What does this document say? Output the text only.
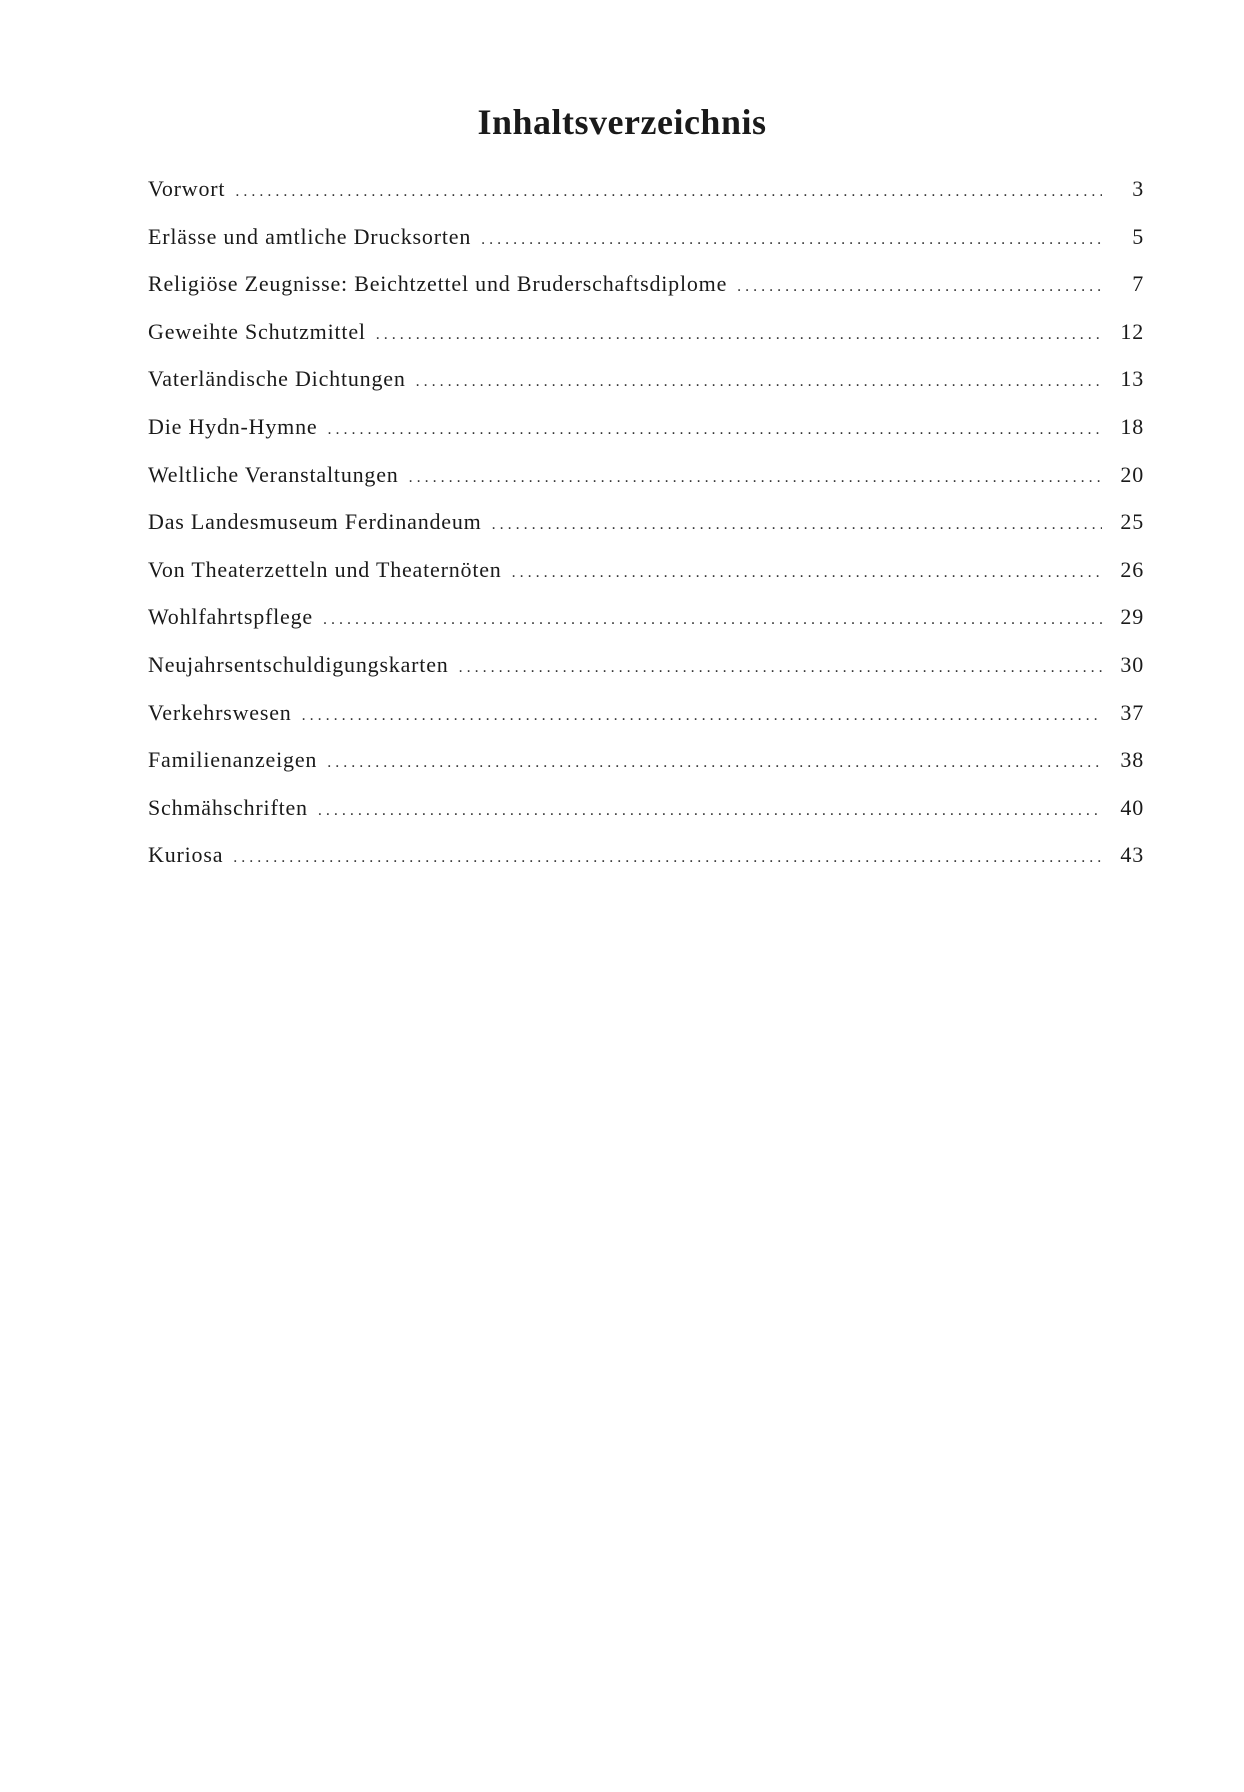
Inhaltsverzeichnis
Vorwort . . .	3
Erlässe und amtliche Drucksorten . . .	5
Religiöse Zeugnisse: Beichtzettel und Bruderschaftsdiplome . . .	7
Geweihte Schutzmittel . . .	12
Vaterländische Dichtungen . . .	13
Die Hydn-Hymne . . .	18
Weltliche Veranstaltungen . . .	20
Das Landesmuseum Ferdinandeum . . .	25
Von Theaterzetteln und Theaternöten . . .	26
Wohlfahrtspflege . . .	29
Neujahrsentschuldigungskarten . . .	30
Verkehrswesen . . .	37
Familienanzeigen . . .	38
Schmähschriften . . .	40
Kuriosa . . .	43
